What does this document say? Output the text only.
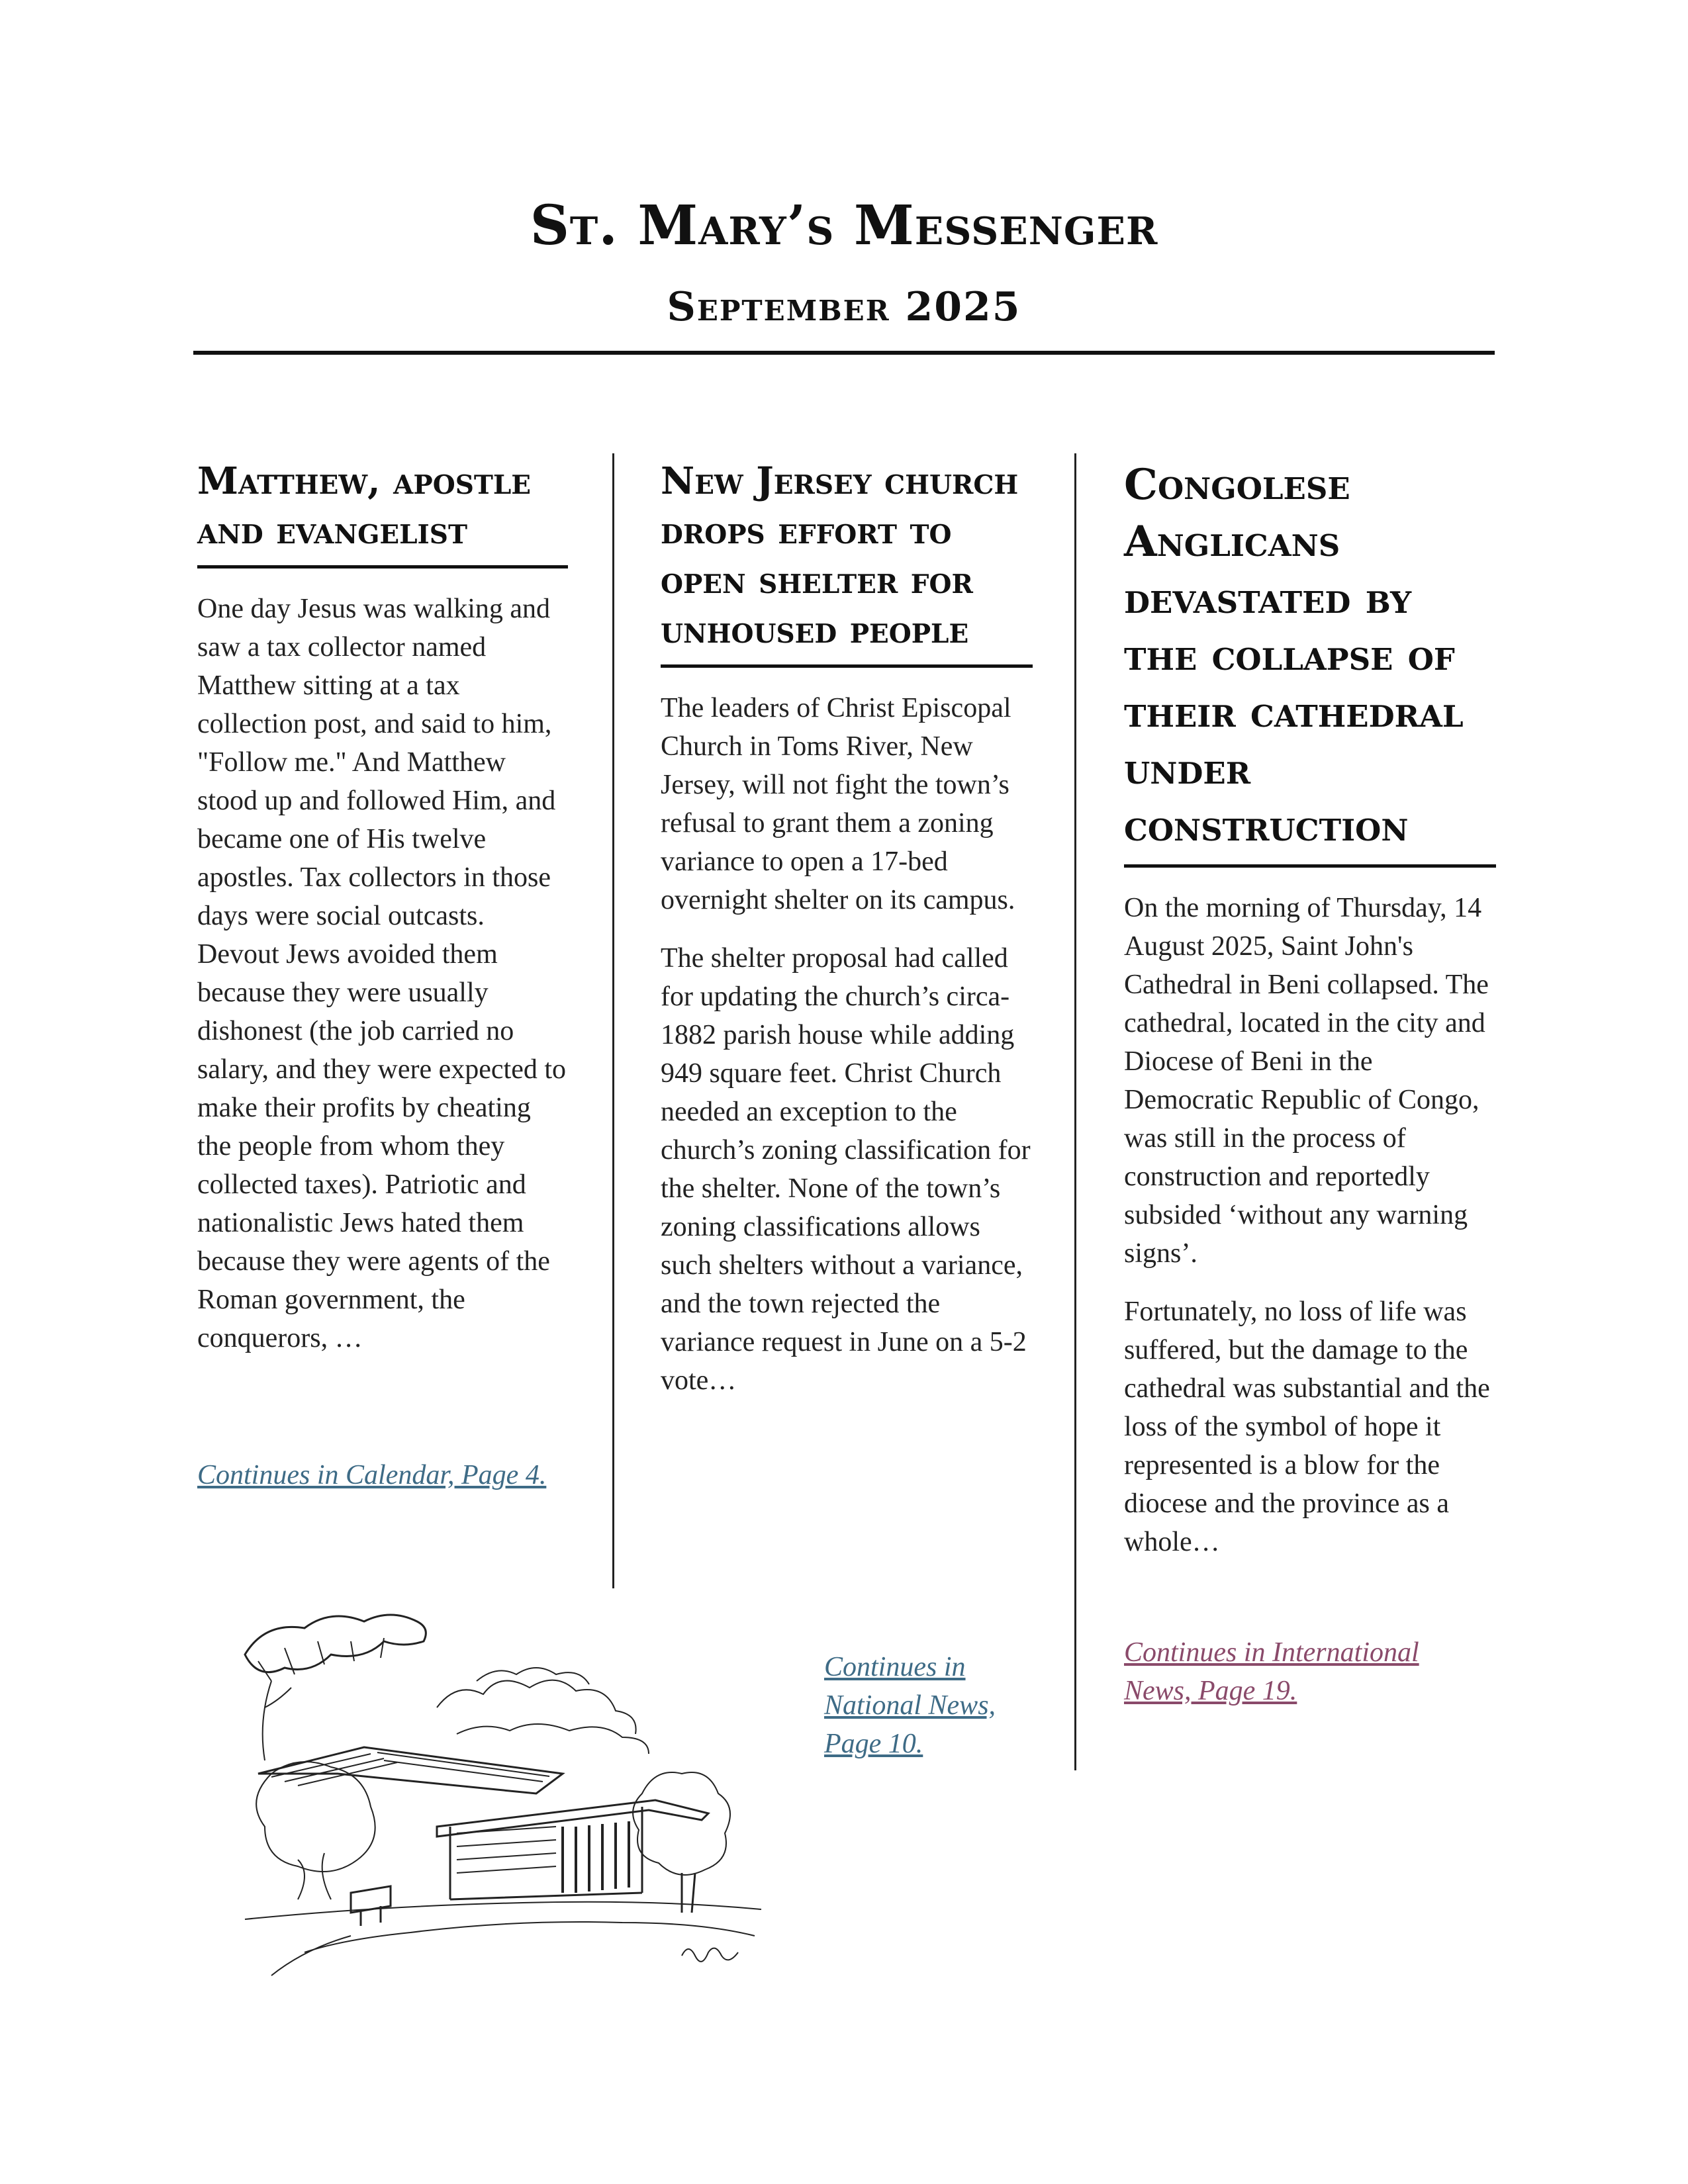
St. Mary’s Messenger
September 2025
Matthew, apostle and evangelist

One day Jesus was walking and saw a tax collector named Matthew sitting at a tax collection post, and said to him, "Follow me." And Matthew stood up and followed Him, and became one of His twelve apostles. Tax collectors in those days were social outcasts. Devout Jews avoided them because they were usually dishonest (the job carried no salary, and they were expected to make their profits by cheating the people from whom they collected taxes). Patriotic and nationalistic Jews hated them because they were agents of the Roman government, the conquerors, …

Continues in Calendar, Page 4.
New Jersey church drops effort to open shelter for unhoused people

The leaders of Christ Episcopal Church in Toms River, New Jersey, will not fight the town’s refusal to grant them a zoning variance to open a 17-bed overnight shelter on its campus.

The shelter proposal had called for updating the church’s circa-1882 parish house while adding 949 square feet. Christ Church needed an exception to the church’s zoning classification for the shelter. None of the town’s zoning classifications allows such shelters without a variance, and the town rejected the variance request in June on a 5-2 vote…

Continues in National News, Page 10.
Congolese Anglicans devastated by the collapse of their cathedral under construction

On the morning of Thursday, 14 August 2025, Saint John's Cathedral in Beni collapsed. The cathedral, located in the city and Diocese of Beni in the Democratic Republic of Congo, was still in the process of construction and reportedly subsided ‘without any warning signs’.

Fortunately, no loss of life was suffered, but the damage to the cathedral was substantial and the loss of the symbol of hope it represented is a blow for the diocese and the province as a whole…

Continues in International News, Page 19.
